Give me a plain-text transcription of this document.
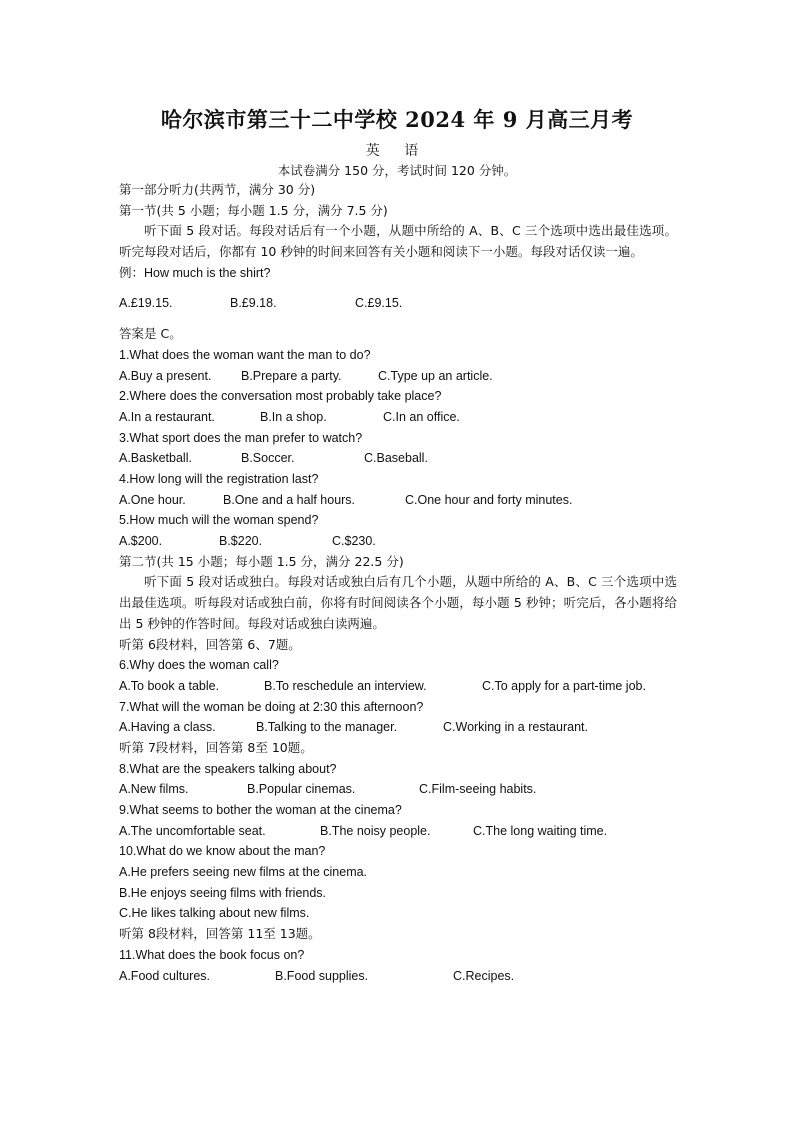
哈尔滨市第三十二中学校 2024 年 9 月高三月考
英 语
本试卷满分 150 分，考试时间 120 分钟。
第一部分听力(共两节，满分 30 分)
第一节(共 5 小题；每小题 1.5 分，满分 7.5 分)
听下面 5 段对话。每段对话后有一个小题，从题中所给的 A、B、C 三个选项中选出最佳选项。听完每段对话后，你都有 10 秒钟的时间来回答有关小题和阅读下一小题。每段对话仅读一遍。
例：How much is the shirt?
A.£19.15.	B.£9.18.	C.£9.15.
答案是 C。
1.What does the woman want the man to do?
A.Buy a present. B.Prepare a party.	C.Type up an article.
2.Where does the conversation most probably take place?
A.In a restaurant.	B.In a shop.	C.In an office.
3.What sport does the man prefer to watch?
A.Basketball.	B.Soccer.	C.Baseball.
4.How long will the registration last?
A.One hour.	B.One and a half hours.	C.One hour and forty minutes.
5.How much will the woman spend?
A.$200.	B.$220.	C.$230.
第二节(共 15 小题；每小题 1.5 分，满分 22.5 分)
听下面 5 段对话或独白。每段对话或独白后有几个小题，从题中所给的 A、B、C 三个选项中选出最佳选项。听每段对话或独白前，你将有时间阅读各个小题，每小题 5 秒钟；听完后，各小题将给出 5 秒钟的作答时间。每段对话或独白读两遍。
听第 6段材料，回答第 6、7题。
6.Why does the woman call?
A.To book a table.	B.To reschedule an interview.	C.To apply for a part-time job.
7.What will the woman be doing at 2:30 this afternoon?
A.Having a class.	B.Talking to the manager.	C.Working in a restaurant.
听第 7段材料，回答第 8至 10题。
8.What are the speakers talking about?
A.New films.	B.Popular cinemas.	C.Film-seeing habits.
9.What seems to bother the woman at the cinema?
A.The uncomfortable seat.	B.The noisy people.	C.The long waiting time.
10.What do we know about the man?
A.He prefers seeing new films at the cinema.
B.He enjoys seeing films with friends.
C.He likes talking about new films.
听第 8段材料，回答第 11至 13题。
11.What does the book focus on?
A.Food cultures.	B.Food supplies.	C.Recipes.
